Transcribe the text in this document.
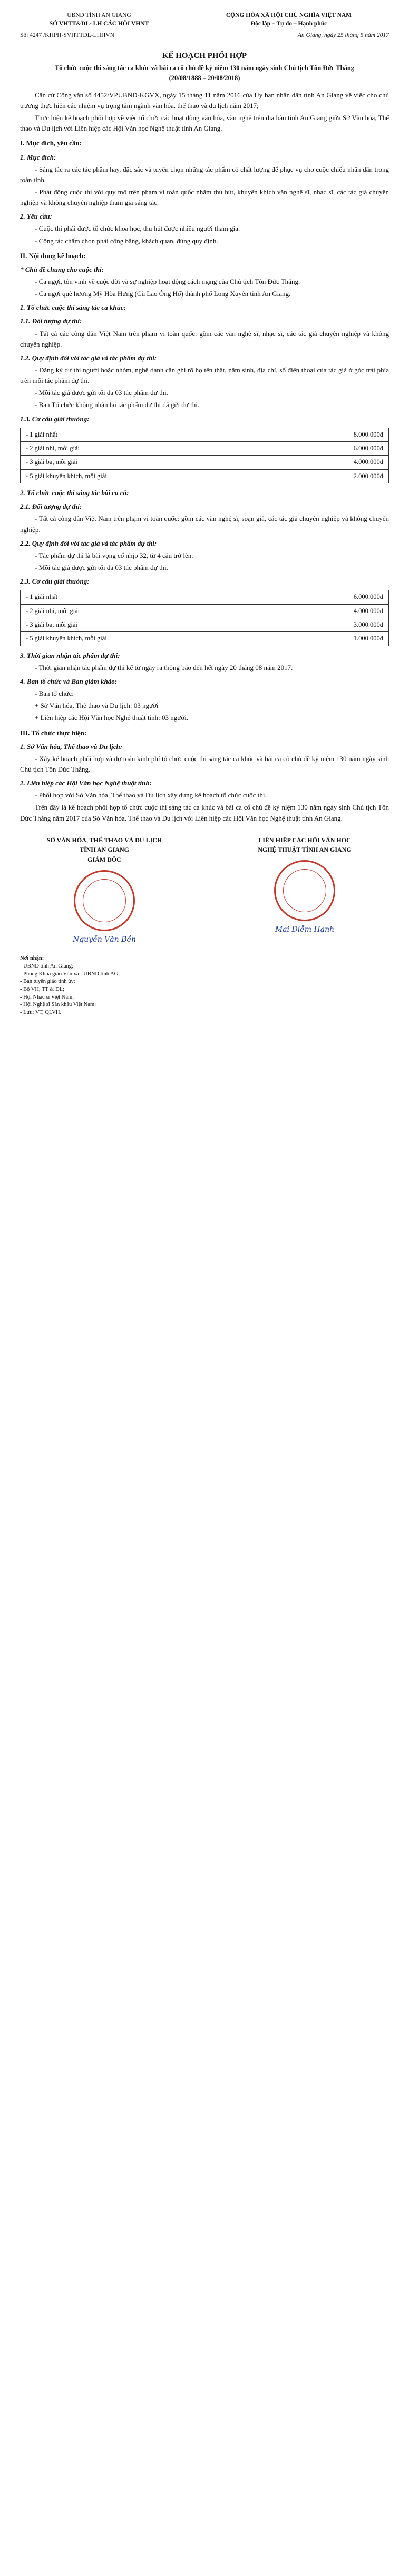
UBND TỈNH AN GIANG
SỞ VHTT&DL- LH CÁC HỘI VHNT
CỘNG HÒA XÃ HỘI CHỦ NGHĨA VIỆT NAM
Độc lập – Tự do – Hạnh phúc
Số: 4247 /KHPH-SVHTTDL-LHHVN	An Giang, ngày 25 tháng 5 năm 2017
KẾ HOẠCH PHỐI HỢP
Tổ chức cuộc thi sáng tác ca khúc và bài ca cổ chủ đề kỷ niệm 130 năm ngày sinh Chủ tịch Tôn Đức Thắng (20/08/1888 – 20/08/2018)

Căn cứ Công văn số 4452/VPUBND-KGVX, ngày 15 tháng 11 năm 2016 của Ủy ban nhân dân tỉnh An Giang về việc cho chủ trương thực hiện các nhiệm vụ trọng tâm ngành văn hóa, thể thao và du lịch năm 2017;

Thực hiện kế hoạch phối hợp về việc tổ chức các hoạt động văn hóa, văn nghệ trên địa bàn tỉnh An Giang giữa Sở Văn hóa, Thể thao và Du lịch với Liên hiệp các Hội Văn học Nghệ thuật tỉnh An Giang.

I. Mục đích, yêu cầu:

1. Mục đích:

- Sáng tác ra các tác phẩm hay, đặc sắc và tuyên chọn những tác phẩm có chất lượng để phục vụ cho cuộc chiếu nhân dân trong toàn tỉnh.

- Phát động cuộc thi với quy mô trên phạm vi toàn quốc nhằm thu hút, khuyến khích văn nghệ sĩ, nhạc sĩ, các tác giả chuyên nghiệp và không chuyên nghiệp tham gia sáng tác.

2. Yêu cầu:

- Cuộc thi phải được tổ chức khoa học, thu hút được nhiều người tham gia.

- Công tác chấm chọn phải công bằng, khách quan, đúng quy định.

II. Nội dung kế hoạch:

* Chủ đề chung cho cuộc thi:

- Ca ngợi, tôn vinh về cuộc đời và sự nghiệp hoạt động cách mạng của Chủ tịch Tôn Đức Thắng.

- Ca ngợi quê hương Mỹ Hòa Hưng (Cù Lao Ông Hổ) thành phố Long Xuyên tỉnh An Giang.

1. Tổ chức cuộc thi sáng tác ca khúc:

1.1. Đối tượng dự thi:

- Tất cả các công dân Việt Nam trên phạm vi toàn quốc: gồm các văn nghệ sĩ, nhạc sĩ, các tác giả chuyên nghiệp và không chuyên nghiệp.

1.2. Quy định đối với tác giả và tác phẩm dự thi:

- Đăng ký dự thi người hoặc nhóm, nghệ danh cần ghi rõ họ tên thật, năm sinh, địa chỉ, số điện thoại của tác giả ở góc trái phía trên mỗi tác phẩm dự thi.

- Mỗi tác giả được gửi tối đa 03 tác phẩm dự thi.

- Ban Tổ chức không nhận lại tác phẩm dự thi đã gửi dự thi.

1.3. Cơ cấu giải thưởng:

- 1 giải nhất	8.000.000đ
- 2 giải nhì, mỗi giải	6.000.000đ
- 3 giải ba, mỗi giải	4.000.000đ
- 5 giải khuyến khích, mỗi giải	2.000.000đ

2. Tổ chức cuộc thi sáng tác bài ca cổ:

2.1. Đối tượng dự thi:

- Tất cả công dân Việt Nam trên phạm vi toàn quốc: gồm các văn nghệ sĩ, soạn giả, các tác giả chuyên nghiệp và không chuyên nghiệp.

2.2. Quy định đối với tác giả và tác phẩm dự thi:

- Tác phẩm dự thi là bài vọng cổ nhịp 32, từ 4 câu trở lên.

- Mỗi tác giả được gửi tối đa 03 tác phẩm dự thi.

2.3. Cơ cấu giải thưởng:

- 1 giải nhất	6.000.000đ
- 2 giải nhì, mỗi giải	4.000.000đ
- 3 giải ba, mỗi giải	3.000.000đ
- 5 giải khuyến khích, mỗi giải	1.000.000đ

3. Thời gian nhận tác phẩm dự thi:

- Thời gian nhận tác phẩm dự thi kể từ ngày ra thông báo đến hết ngày 20 tháng 08 năm 2017.

4. Ban tổ chức và Ban giám khảo:

- Ban tổ chức:

+ Sở Văn hóa, Thể thao và Du lịch: 03 người

+ Liên hiệp các Hội Văn học Nghệ thuật tỉnh: 03 người.

III. Tổ chức thực hiện:

1. Sở Văn hóa, Thể thao và Du lịch:

- Xây kế hoạch phối hợp và dự toán kinh phí tổ chức cuộc thi sáng tác ca khúc và bài ca cổ chủ đề kỷ niệm 130 năm ngày sinh Chủ tịch Tôn Đức Thắng.

2. Liên hiệp các Hội Văn học Nghệ thuật tỉnh:

- Phối hợp với Sở Văn hóa, Thể thao và Du lịch xây dựng kế hoạch tổ chức cuộc thi.

Trên đây là kế hoạch phối hợp tổ chức cuộc thi sáng tác ca khúc và bài ca cổ chủ đề kỷ niệm 130 năm ngày sinh Chủ tịch Tôn Đức Thắng năm 2017 của Sở Văn hóa, Thể thao và Du lịch với Liên hiệp các Hội Văn học Nghệ thuật tỉnh An Giang.

SỞ VĂN HÓA, THỂ THAO VÀ DU LỊCH
TỈNH AN GIANG
GIÁM ĐỐC
Nguyễn Văn Bền
LIÊN HIỆP CÁC HỘI VĂN HỌC
NGHỆ THUẬT TỈNH AN GIANG
Mai Diễm Hạnh
Nơi nhận:
- UBND tỉnh An Giang;
- Phòng Khoa giáo Văn xã - UBND tỉnh AG;
- Ban tuyên giáo tỉnh ủy;
- Bộ VH, TT & DL;
- Hội Nhạc sĩ Việt Nam;
- Hội Nghệ sĩ Sân khấu Việt Nam;
- Lưu: VT, QLVH.
